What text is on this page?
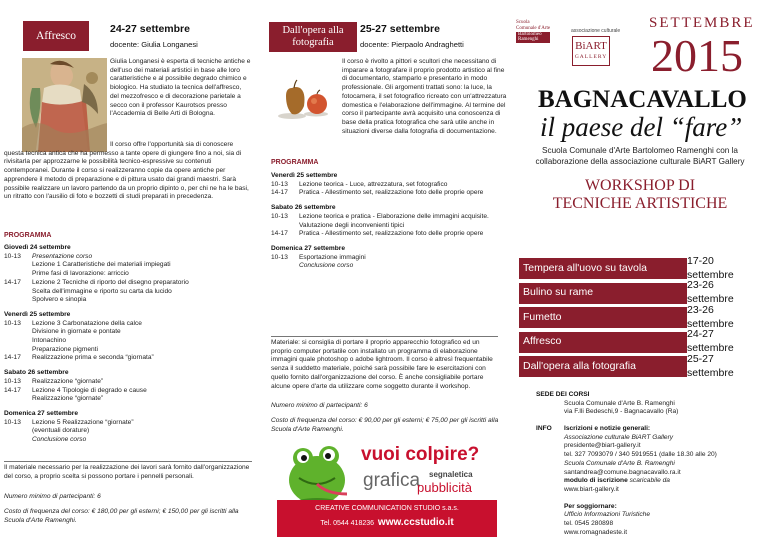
Affresco
24-27 settembre
docente: Giulia Longanesi
Giulia Longanesi è esperta di tecniche antiche e dell'uso dei materiali artistici in base alle loro caratteristiche e al possibile degrado chimico e biologico. Ha studiato la tecnica dell'affresco, del mezzofresco e di decorazione parietale a secco con il professor Kaurotsos presso l'Accademia di Belle Arti di Bologna.
Il corso offre l'opportunità sia di conoscere questa tecnica antica che ha permesso a tante opere di giungere fino a noi, sia di rivisitarla per approzzarne le possibilità tecnico-espressive su contenuti contemporanei. Durante il corso si realizzeranno copie da opere antiche per apprendere il metodo di preparazione e di pittura usato dai grandi maestri. Sarà possibile realizzare un lavoro partendo da un proprio dipinto o, per chi ne ha le basi, un ritratto con l'ausilio di foto e bozzetti di studi preparati in precedenza.
PROGRAMMA
Giovedì 24 settembre
10-13	Presentazione corso
Lezione 1 Caratteristiche dei materiali impiegati
Prime fasi di lavorazione: arriccio
14-17	Lezione 2 Tecniche di riporto del disegno preparatorio
Scelta dell'immagine e riporto su carta da lucido
Spolvero e sinopia
Venerdì 25 settembre
10-13	Lezione 3 Carbonatazione della calce
Divisione in giornate e pontate
Intonachino
Preparazione pigmenti
14-17	Realizzazione prima e seconda “giornata”
Sabato 26 settembre
10-13	Realizzazione “giornate”
14-17	Lezione 4 Tipologie di degrado e cause
Realizzazione “giornate”
Domenica 27 settembre
10-13	Lezione 5 Realizzazione “giornate”
(eventuali dorature)
Conclusione corso
Il materiale necessario per la realizzazione dei lavori sarà fornito dall'organizzazione del corso, a proprio scelta si possono portare i pennelli personali.
Numero minimo di partecipanti: 6
Costo di frequenza del corso: € 180,00 per gli esterni; € 150,00 per gli iscritti alla Scuola d'Arte Ramenghi.
Dall'opera alla fotografia
25-27 settembre
docente: Pierpaolo Andraghetti
Il corso è rivolto a pittori e scultori che necessitano di imparare a fotografare il proprio prodotto artistico al fine di documentarlo, stamparlo e presentarlo in modo professionale. Gli argomenti trattati sono: la luce, la fotocamera, il set fotografico ricreato con un'attrezzatura domestica e l'elaborazione dell'immagine. Al termine del corso il partecipante avrà acquisito una conoscenza di base della pratica fotografica che sarà utile anche in situazioni diverse dalla fotografia di documentazione.
PROGRAMMA
Venerdì 25 settembre
10-13	Lezione teorica - Luce, attrezzatura, set fotografico
14-17	Pratica - Allestimento set, realizzazione foto delle proprie opere
Sabato 26 settembre
10-13	Lezione teorica e pratica - Elaborazione delle immagini acquisite. Valutazione degli inconvenienti tipici
14-17	Pratica - Allestimento set, realizzazione foto delle proprie opere
Domenica 27 settembre
10-13	Esportazione immagini
Conclusione corso
Materiale: si consiglia di portare il proprio apparecchio fotografico ed un proprio computer portatile con installato un programma di elaborazione immagini quale photoshop o adobe lightroom. Il corso è altresì frequentabile senza il suddetto materiale, poiché sarà possibile fare le esercitazioni con quello fornito dall'organizzazione del corso. È anche consigliabile portare alcune opere d'arte da utilizzare come soggetto durante il workshop.
Numero minimo di partecipanti: 6
Costo di frequenza del corso: € 90,00 per gli esterni; € 75,00 per gli iscritti alla Scuola d'Arte Ramenghi.
vuoi colpire?
grafica segnaletica
pubblicità
CREATIVE COMMUNICATION STUDIO s.a.s.
Tel. 0544 418236 www.ccstudio.it
Scuola
Comunale d'Arte
Bartolomeo
Ramenghi
associazione culturale
BiART
GALLERY
SETTEMBRE
2015
BAGNACAVALLO
il paese del “fare”
Scuola Comunale d'Arte Bartolomeo Ramenghi con la collaborazione della associazione culturale BiART Gallery
WORKSHOP DI
TECNICHE ARTISTICHE
Tempera all'uovo su tavola
17-20 settembre
Bulino su rame
23-26 settembre
Fumetto
23-26 settembre
Affresco
24-27 settembre
Dall'opera alla fotografia
25-27 settembre
SEDE DEI CORSI
Scuola Comunale d'Arte B. Ramenghi
via F.lli Bedeschi,9 - Bagnacavallo (Ra)
INFO	Iscrizioni e notizie generali:
Associazione culturale BiART Gallery
presidente@biart-gallery.it
tel. 327 7093079 / 340 5919551 (dalle 18.30 alle 20)
Scuola Comunale d'Arte B. Ramenghi
santandrea@comune.bagnacavallo.ra.it
modulo di iscrizione scaricabile da
www.biart-gallery.it
Per soggiornare:
Ufficio Informazioni Turistiche
tel. 0545 280898
www.romagnadeste.it
